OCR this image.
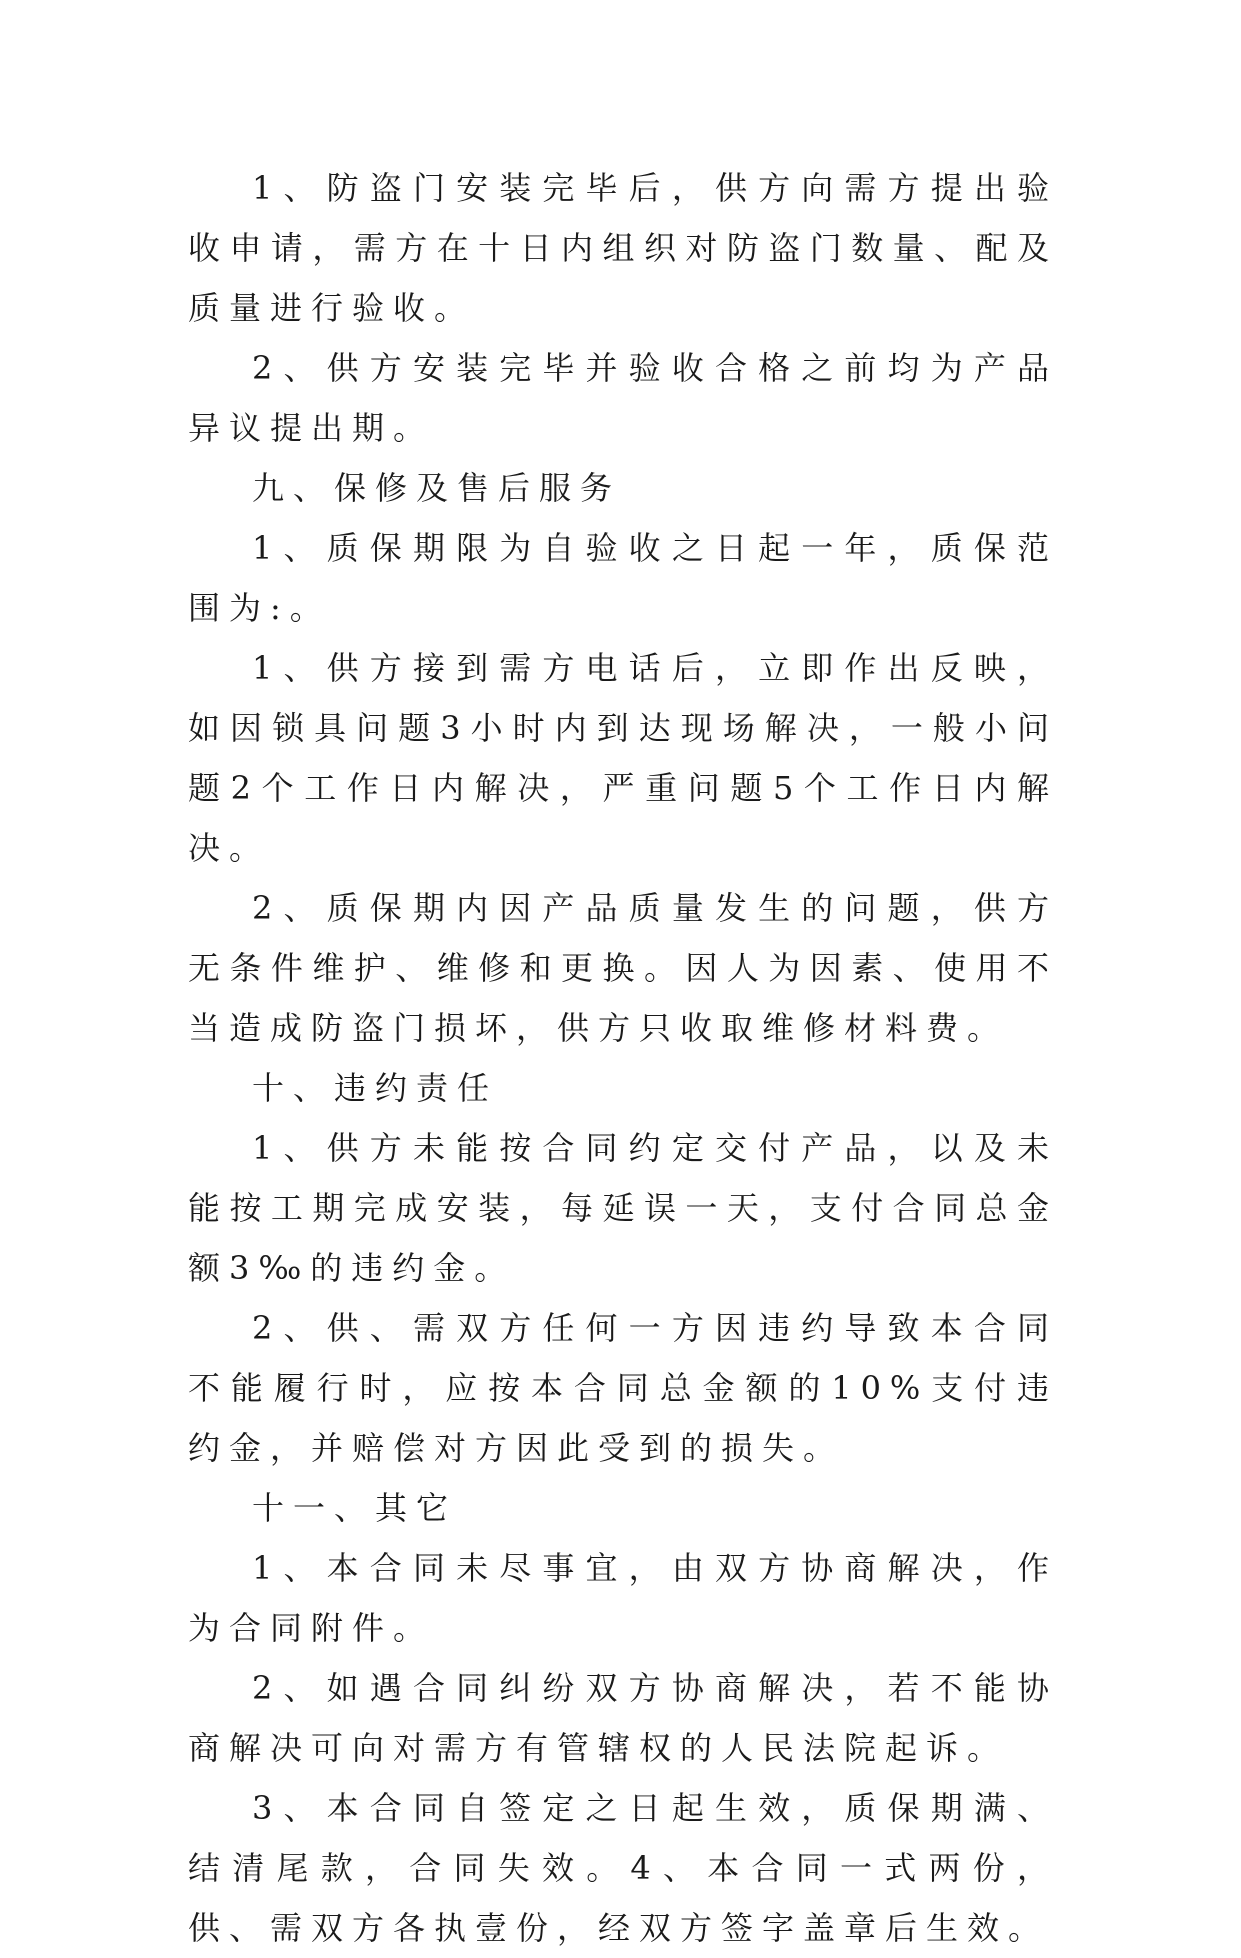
1、防盗门安装完毕后，供方向需方提出验收申请，需方在十日内组织对防盗门数量、配及质量进行验收。

2、供方安装完毕并验收合格之前均为产品异议提出期。

九、保修及售后服务

1、质保期限为自验收之日起一年，质保范围为:。

1、供方接到需方电话后，立即作出反映，如因锁具问题3小时内到达现场解决，一般小问题2个工作日内解决，严重问题5个工作日内解决。

2、质保期内因产品质量发生的问题，供方无条件维护、维修和更换。因人为因素、使用不当造成防盗门损坏，供方只收取维修材料费。

十、违约责任

1、供方未能按合同约定交付产品，以及未能按工期完成安装，每延误一天，支付合同总金额3‰的违约金。

2、供、需双方任何一方因违约导致本合同不能履行时，应按本合同总金额的10%支付违约金，并赔偿对方因此受到的损失。

十一、其它

1、本合同未尽事宜，由双方协商解决，作为合同附件。

2、如遇合同纠纷双方协商解决，若不能协商解决可向对需方有管辖权的人民法院起诉。

3、本合同自签定之日起生效，质保期满、结清尾款，合同失效。4、本合同一式两份，供、需双方各执壹份，经双方签字盖章后生效。
